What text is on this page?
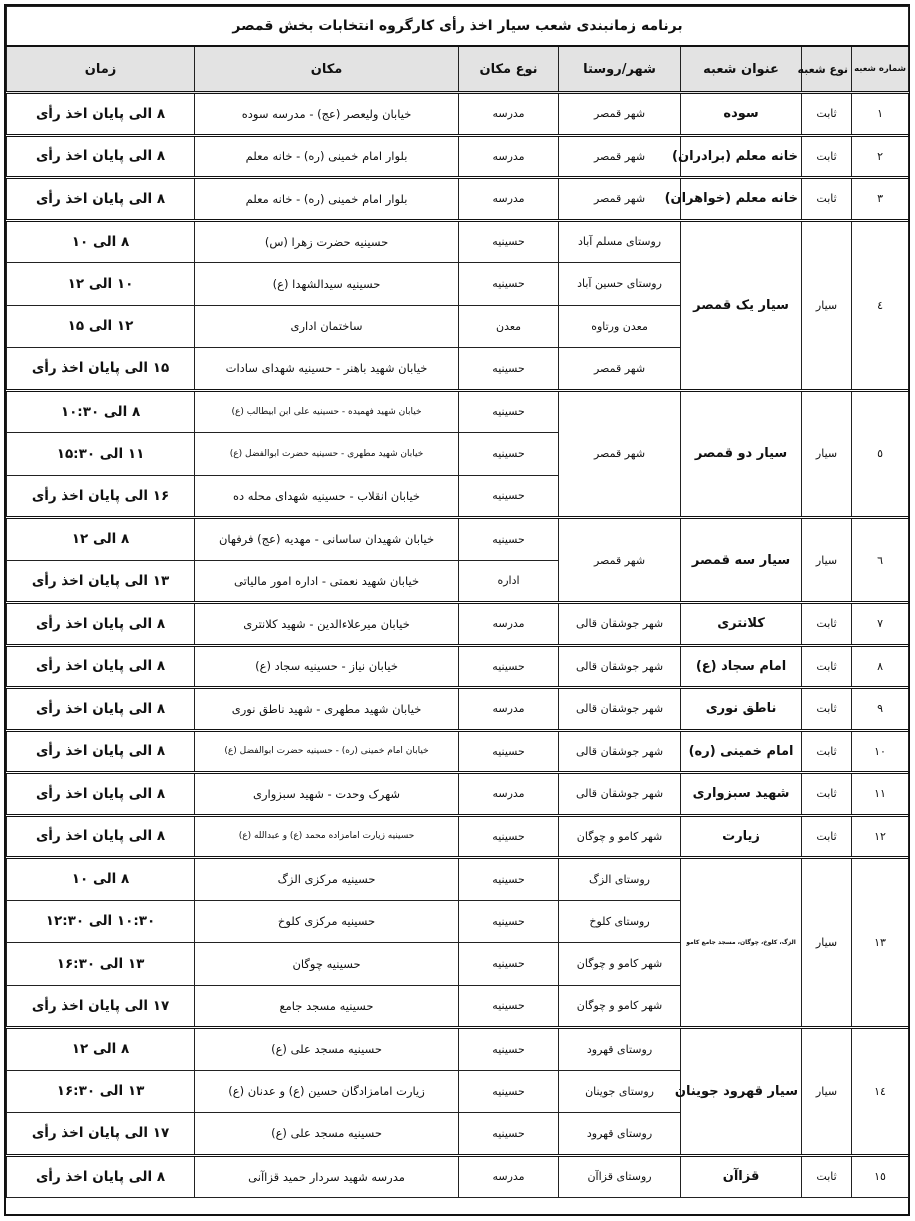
برنامه زمانبندی شعب سیار اخذ رأی کارگروه انتخابات بخش قمصر						
شماره شعبه	نوع شعبه	عنوان شعبه	شهر/روستا	نوع مکان	مکان	زمان
۱	ثابت	سوده	شهر قمصر	مدرسه	خیابان ولیعصر (عج) - مدرسه سوده	۸ الی پایان اخذ رأی
۲	ثابت	خانه معلم (برادران)	شهر قمصر	مدرسه	بلوار امام خمینی (ره) - خانه معلم	۸ الی پایان اخذ رأی
۳	ثابت	خانه معلم (خواهران)	شهر قمصر	مدرسه	بلوار امام خمینی (ره) - خانه معلم	۸ الی پایان اخذ رأی
٤	سیار	سیار یک قمصر	روستای مسلم آباد	حسینیه	حسینیه حضرت زهرا (س)	۸ الی ۱۰
			روستای حسین آباد	حسینیه	حسینیه سیدالشهدا (ع)	۱۰ الی ۱۲
			معدن ورتاوه	معدن	ساختمان اداری	۱۲ الی ۱۵
			شهر قمصر	حسینیه	خیابان شهید باهنر - حسینیه شهدای سادات	۱۵ الی پایان اخذ رأی
٥	سیار	سیار دو قمصر	شهر قمصر	حسینیه	خیابان شهید فهمیده - حسینیه علی ابن ابیطالب (ع)	۸ الی ۱۰:۳۰
				حسینیه	خیابان شهید مطهری - حسینیه حضرت ابوالفضل (ع)	۱۱ الی ۱۵:۳۰
				حسینیه	خیابان انقلاب - حسینیه شهدای محله ده	۱۶ الی پایان اخذ رأی
٦	سیار	سیار سه قمصر	شهر قمصر	حسینیه	خیابان شهیدان ساسانی - مهدیه (عج) فرفهان	۸ الی ۱۲
				اداره	خیابان شهید نعمتی - اداره امور مالیاتی	۱۳ الی پایان اخذ رأی
۷	ثابت	کلانتری	شهر جوشقان قالی	مدرسه	خیابان میرعلاءالدین - شهید کلانتری	۸ الی پایان اخذ رأی
۸	ثابت	امام سجاد (ع)	شهر جوشقان قالی	حسینیه	خیابان نیاز - حسینیه سجاد (ع)	۸ الی پایان اخذ رأی
۹	ثابت	ناطق نوری	شهر جوشقان قالی	مدرسه	خیابان شهید مطهری - شهید ناطق نوری	۸ الی پایان اخذ رأی
۱۰	ثابت	امام خمینی (ره)	شهر جوشقان قالی	حسینیه	خیابان امام خمینی (ره) - حسینیه حضرت ابوالفضل (ع)	۸ الی پایان اخذ رأی
۱۱	ثابت	شهید سبزواری	شهر جوشقان قالی	مدرسه	شهرک وحدت - شهید سبزواری	۸ الی پایان اخذ رأی
۱۲	ثابت	زیارت	شهر کامو و چوگان	حسینیه	حسینیه زیارت امامزاده محمد (ع) و عبدالله (ع)	۸ الی پایان اخذ رأی
۱۳	سیار	الزگ، کلوخ، چوگان، مسجد جامع کامو	روستای الزگ	حسینیه	حسینیه مرکزی الزگ	۸ الی ۱۰
			روستای کلوخ	حسینیه	حسینیه مرکزی کلوخ	۱۰:۳۰ الی ۱۲:۳۰
			شهر کامو و چوگان	حسینیه	حسینیه چوگان	۱۳ الی ۱۶:۳۰
			شهر کامو و چوگان	حسینیه	حسینیه مسجد جامع	۱۷ الی پایان اخذ رأی
۱٤	سیار	سیار قهرود جوینان	روستای قهرود	حسینیه	حسینیه مسجد علی (ع)	۸ الی ۱۲
			روستای جوینان	حسینیه	زیارت امامزادگان حسین (ع) و عدنان (ع)	۱۳ الی ۱۶:۳۰
			روستای قهرود	حسینیه	حسینیه مسجد علی (ع)	۱۷ الی پایان اخذ رأی
۱٥	ثابت	قزاآن	روستای قزاآن	مدرسه	مدرسه شهید سردار حمید قزاآنی	۸ الی پایان اخذ رأی
